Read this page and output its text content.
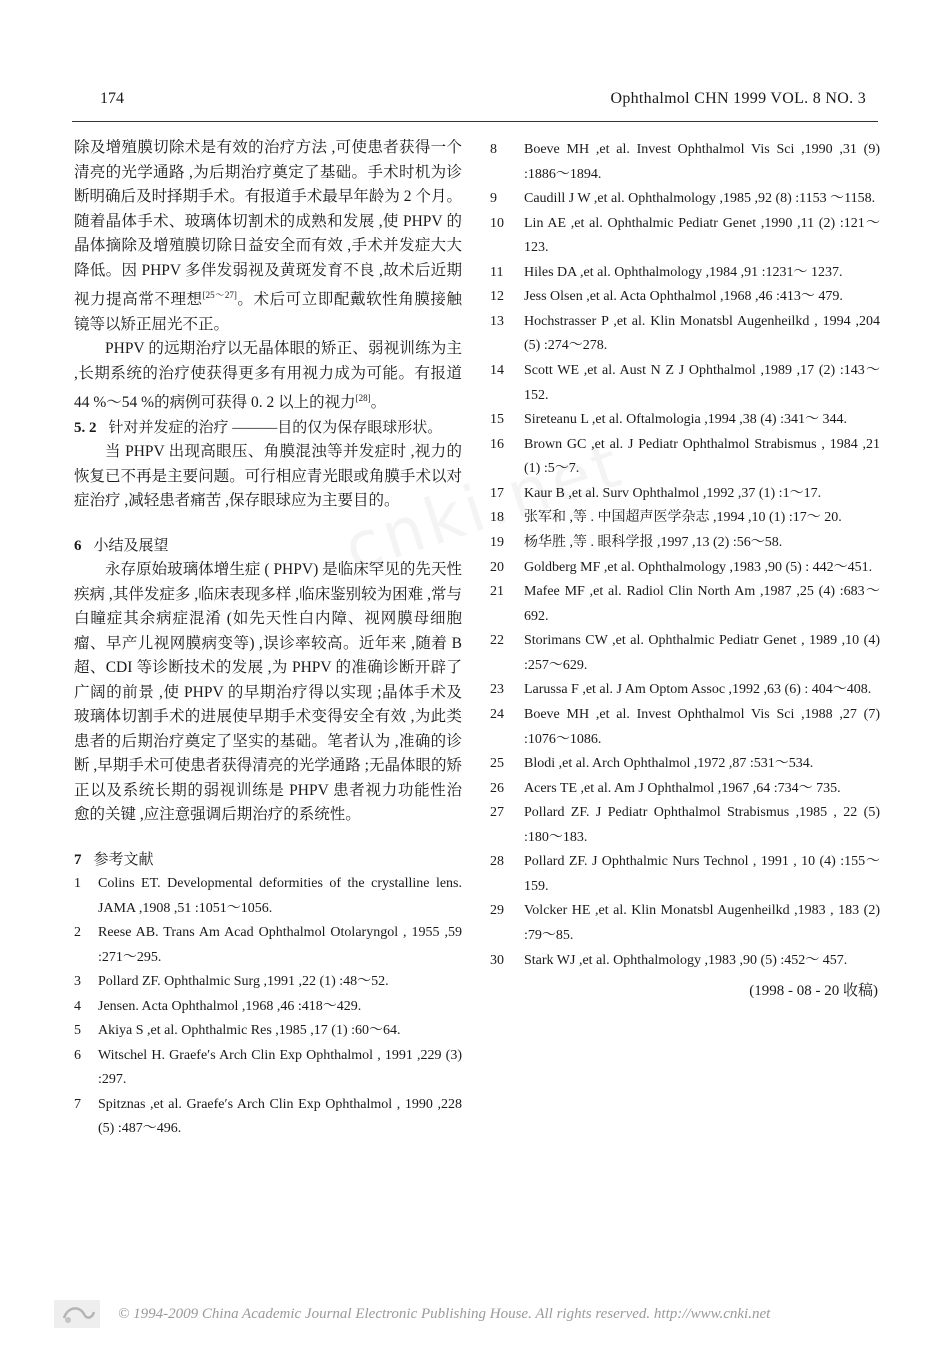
174	Ophthalmol CHN 1999 VOL. 8 NO. 3

除及增殖膜切除术是有效的治疗方法 ,可使患者获得一个清亮的光学通路 ,为后期治疗奠定了基础。手术时机为诊断明确后及时择期手术。有报道手术最早年龄为 2 个月。随着晶体手术、玻璃体切割术的成熟和发展 ,使 PHPV 的晶体摘除及增殖膜切除日益安全而有效 ,手术并发症大大降低。因 PHPV 多伴发弱视及黄斑发育不良 ,故术后近期视力提高常不理想[25～27]。术后可立即配戴软性角膜接触镜等以矫正屈光不正。

PHPV 的远期治疗以无晶体眼的矫正、弱视训练为主 ,长期系统的治疗使获得更多有用视力成为可能。有报道 44 %～54 %的病例可获得 0. 2 以上的视力[28]。

5. 2 针对并发症的治疗 ———目的仅为保存眼球形状。

当 PHPV 出现高眼压、角膜混浊等并发症时 ,视力的恢复已不再是主要问题。可行相应青光眼或角膜手术以对症治疗 ,减轻患者痛苦 ,保存眼球应为主要目的。

6 小结及展望

永存原始玻璃体增生症 ( PHPV) 是临床罕见的先天性疾病 ,其伴发症多 ,临床表现多样 ,临床鉴别较为困难 ,常与白瞳症其余病症混淆 (如先天性白内障、视网膜母细胞瘤、早产儿视网膜病变等) ,误诊率较高。近年来 ,随着 B 超、CDI 等诊断技术的发展 ,为 PHPV 的准确诊断开辟了广阔的前景 ,使 PHPV 的早期治疗得以实现 ;晶体手术及玻璃体切割手术的进展使早期手术变得安全有效 ,为此类患者的后期治疗奠定了坚实的基础。笔者认为 ,准确的诊断 ,早期手术可使患者获得清亮的光学通路 ;无晶体眼的矫正以及系统长期的弱视训练是 PHPV 患者视力功能性治愈的关键 ,应注意强调后期治疗的系统性。

7 参考文献

1	Colins ET. Developmental deformities of the crystalline lens. JAMA ,1908 ,51 :1051～1056.
2	Reese AB. Trans Am Acad Ophthalmol Otolaryngol , 1955 ,59 :271～295.
3	Pollard ZF. Ophthalmic Surg ,1991 ,22 (1) :48～52.
4	Jensen. Acta Ophthalmol ,1968 ,46 :418～429.
5	Akiya S ,et al. Ophthalmic Res ,1985 ,17 (1) :60～64.
6	Witschel H. Graefe′s Arch Clin Exp Ophthalmol , 1991 ,229 (3) :297.
7	Spitznas ,et al. Graefe′s Arch Clin Exp Ophthalmol , 1990 ,228 (5) :487～496.
8	Boeve MH ,et al. Invest Ophthalmol Vis Sci ,1990 ,31 (9) :1886～1894.
9	Caudill J W ,et al. Ophthalmology ,1985 ,92 (8) :1153 ～1158.
10	Lin AE ,et al. Ophthalmic Pediatr Genet ,1990 ,11 (2) :121～123.
11	Hiles DA ,et al. Ophthalmology ,1984 ,91 :1231～ 1237.
12	Jess Olsen ,et al. Acta Ophthalmol ,1968 ,46 :413～ 479.
13	Hochstrasser P ,et al. Klin Monatsbl Augenheilkd , 1994 ,204 (5) :274～278.
14	Scott WE ,et al. Aust N Z J Ophthalmol ,1989 ,17 (2) :143～152.
15	Sireteanu L ,et al. Oftalmologia ,1994 ,38 (4) :341～ 344.
16	Brown GC ,et al. J Pediatr Ophthalmol Strabismus , 1984 ,21 (1) :5～7.
17	Kaur B ,et al. Surv Ophthalmol ,1992 ,37 (1) :1～17.
18	张军和 ,等 . 中国超声医学杂志 ,1994 ,10 (1) :17～ 20.
19	杨华胜 ,等 . 眼科学报 ,1997 ,13 (2) :56～58.
20	Goldberg MF ,et al. Ophthalmology ,1983 ,90 (5) : 442～451.
21	Mafee MF ,et al. Radiol Clin North Am ,1987 ,25 (4) :683～692.
22	Storimans CW ,et al. Ophthalmic Pediatr Genet , 1989 ,10 (4) :257～629.
23	Larussa F ,et al. J Am Optom Assoc ,1992 ,63 (6) : 404～408.
24	Boeve MH ,et al. Invest Ophthalmol Vis Sci ,1988 ,27 (7) :1076～1086.
25	Blodi ,et al. Arch Ophthalmol ,1972 ,87 :531～534.
26	Acers TE ,et al. Am J Ophthalmol ,1967 ,64 :734～ 735.
27	Pollard ZF. J Pediatr Ophthalmol Strabismus ,1985 , 22 (5) :180～183.
28	Pollard ZF. J Ophthalmic Nurs Technol , 1991 , 10 (4) :155～159.
29	Volcker HE ,et al. Klin Monatsbl Augenheilkd ,1983 , 183 (2) :79～85.
30	Stark WJ ,et al. Ophthalmology ,1983 ,90 (5) :452～ 457.
(1998 - 08 - 20 收稿)
© 1994-2009 China Academic Journal Electronic Publishing House. All rights reserved. http://www.cnki.net
